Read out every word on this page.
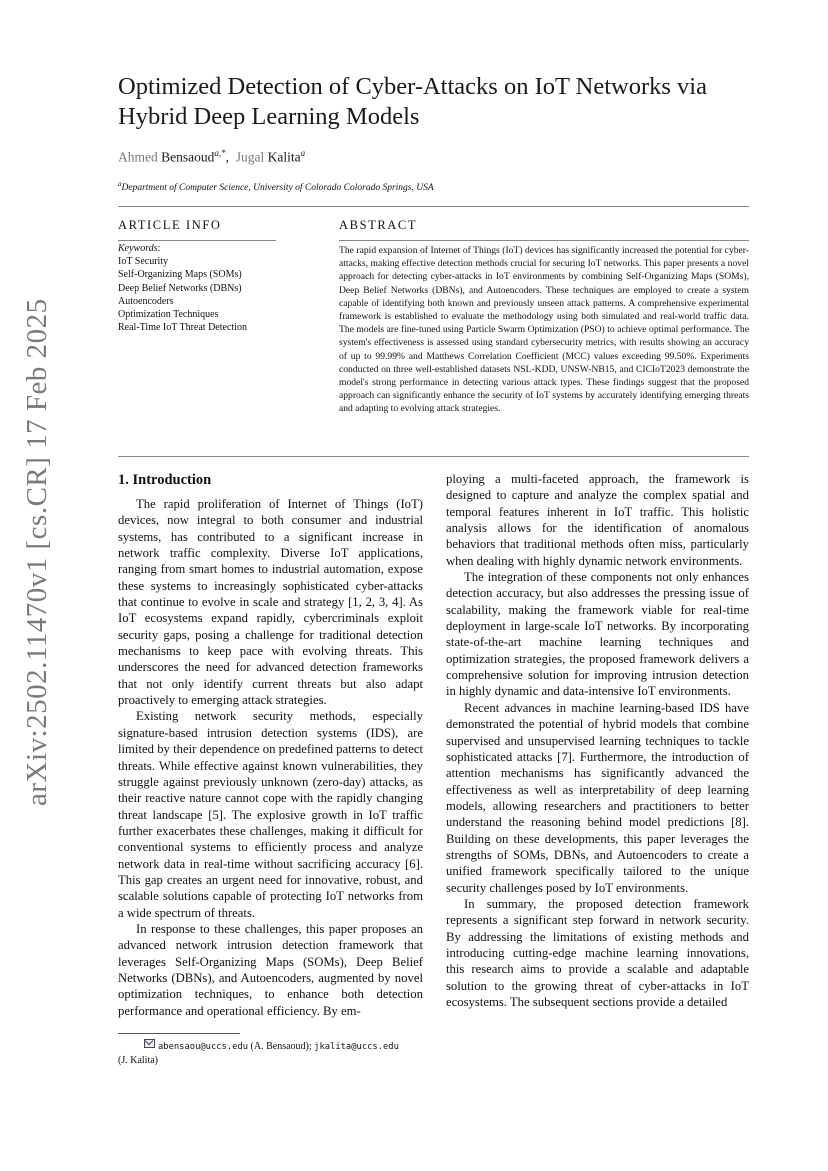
arXiv:2502.11470v1 [cs.CR] 17 Feb 2025
Optimized Detection of Cyber-Attacks on IoT Networks via Hybrid Deep Learning Models
Ahmed Bensaoud$^{a,*}$,  Jugal Kalita$^a$
$^a$Department of Computer Science, University of Colorado Colorado Springs, USA
ARTICLE INFO	ABSTRACT
Keywords:
IoT Security
Self-Organizing Maps (SOMs)
Deep Belief Networks (DBNs)
Autoencoders
Optimization Techniques
Real-Time IoT Threat Detection
The rapid expansion of Internet of Things (IoT) devices has significantly increased the potential for cyber-attacks, making effective detection methods crucial for securing IoT networks. This paper presents a novel approach for detecting cyber-attacks in IoT environments by combining Self-Organizing Maps (SOMs), Deep Belief Networks (DBNs), and Autoencoders. These techniques are employed to create a system capable of identifying both known and previously unseen attack patterns. A comprehensive experimental framework is established to evaluate the methodology using both simulated and real-world traffic data. The models are fine-tuned using Particle Swarm Optimization (PSO) to achieve optimal performance. The system's effectiveness is assessed using standard cybersecurity metrics, with results showing an accuracy of up to 99.99% and Matthews Correlation Coefficient (MCC) values exceeding 99.50%. Experiments conducted on three well-established datasets NSL-KDD, UNSW-NB15, and CICIoT2023 demonstrate the model's strong performance in detecting various attack types. These findings suggest that the proposed approach can significantly enhance the security of IoT systems by accurately identifying emerging threats and adapting to evolving attack strategies.
1. Introduction

The rapid proliferation of Internet of Things (IoT) devices, now integral to both consumer and industrial systems, has contributed to a significant increase in network traffic complexity. Diverse IoT applications, ranging from smart homes to industrial automation, expose these systems to increasingly sophisticated cyber-attacks that continue to evolve in scale and strategy [1, 2, 3, 4]. As IoT ecosystems expand rapidly, cybercriminals exploit security gaps, posing a challenge for traditional detection mechanisms to keep pace with evolving threats. This underscores the need for advanced detection frameworks that not only identify current threats but also adapt proactively to emerging attack strategies.

Existing network security methods, especially signature-based intrusion detection systems (IDS), are limited by their dependence on predefined patterns to detect threats. While effective against known vulnerabilities, they struggle against previously unknown (zero-day) attacks, as their reactive nature cannot cope with the rapidly changing threat landscape [5]. The explosive growth in IoT traffic further exacerbates these challenges, making it difficult for conventional systems to efficiently process and analyze network data in real-time without sacrificing accuracy [6]. This gap creates an urgent need for innovative, robust, and scalable solutions capable of protecting IoT networks from a wide spectrum of threats.

In response to these challenges, this paper proposes an advanced network intrusion detection framework that leverages Self-Organizing Maps (SOMs), Deep Belief Networks (DBNs), and Autoencoders, augmented by novel optimization techniques, to enhance both detection performance and operational efficiency. By em-

ploying a multi-faceted approach, the framework is designed to capture and analyze the complex spatial and temporal features inherent in IoT traffic. This holistic analysis allows for the identification of anomalous behaviors that traditional methods often miss, particularly when dealing with highly dynamic network environments.

The integration of these components not only enhances detection accuracy, but also addresses the pressing issue of scalability, making the framework viable for real-time deployment in large-scale IoT networks. By incorporating state-of-the-art machine learning techniques and optimization strategies, the proposed framework delivers a comprehensive solution for improving intrusion detection in highly dynamic and data-intensive IoT environments.

Recent advances in machine learning-based IDS have demonstrated the potential of hybrid models that combine supervised and unsupervised learning techniques to tackle sophisticated attacks [7]. Furthermore, the introduction of attention mechanisms has significantly advanced the effectiveness as well as interpretability of deep learning models, allowing researchers and practitioners to better understand the reasoning behind model predictions [8]. Building on these developments, this paper leverages the strengths of SOMs, DBNs, and Autoencoders to create a unified framework specifically tailored to the unique security challenges posed by IoT environments.

In summary, the proposed detection framework represents a significant step forward in network security. By addressing the limitations of existing methods and introducing cutting-edge machine learning innovations, this research aims to provide a scalable and adaptable solution to the growing threat of cyber-attacks in IoT ecosystems. The subsequent sections provide a detailed

abensaou@uccs.edu (A. Bensaoud); jkalita@uccs.edu (J. Kalita)
